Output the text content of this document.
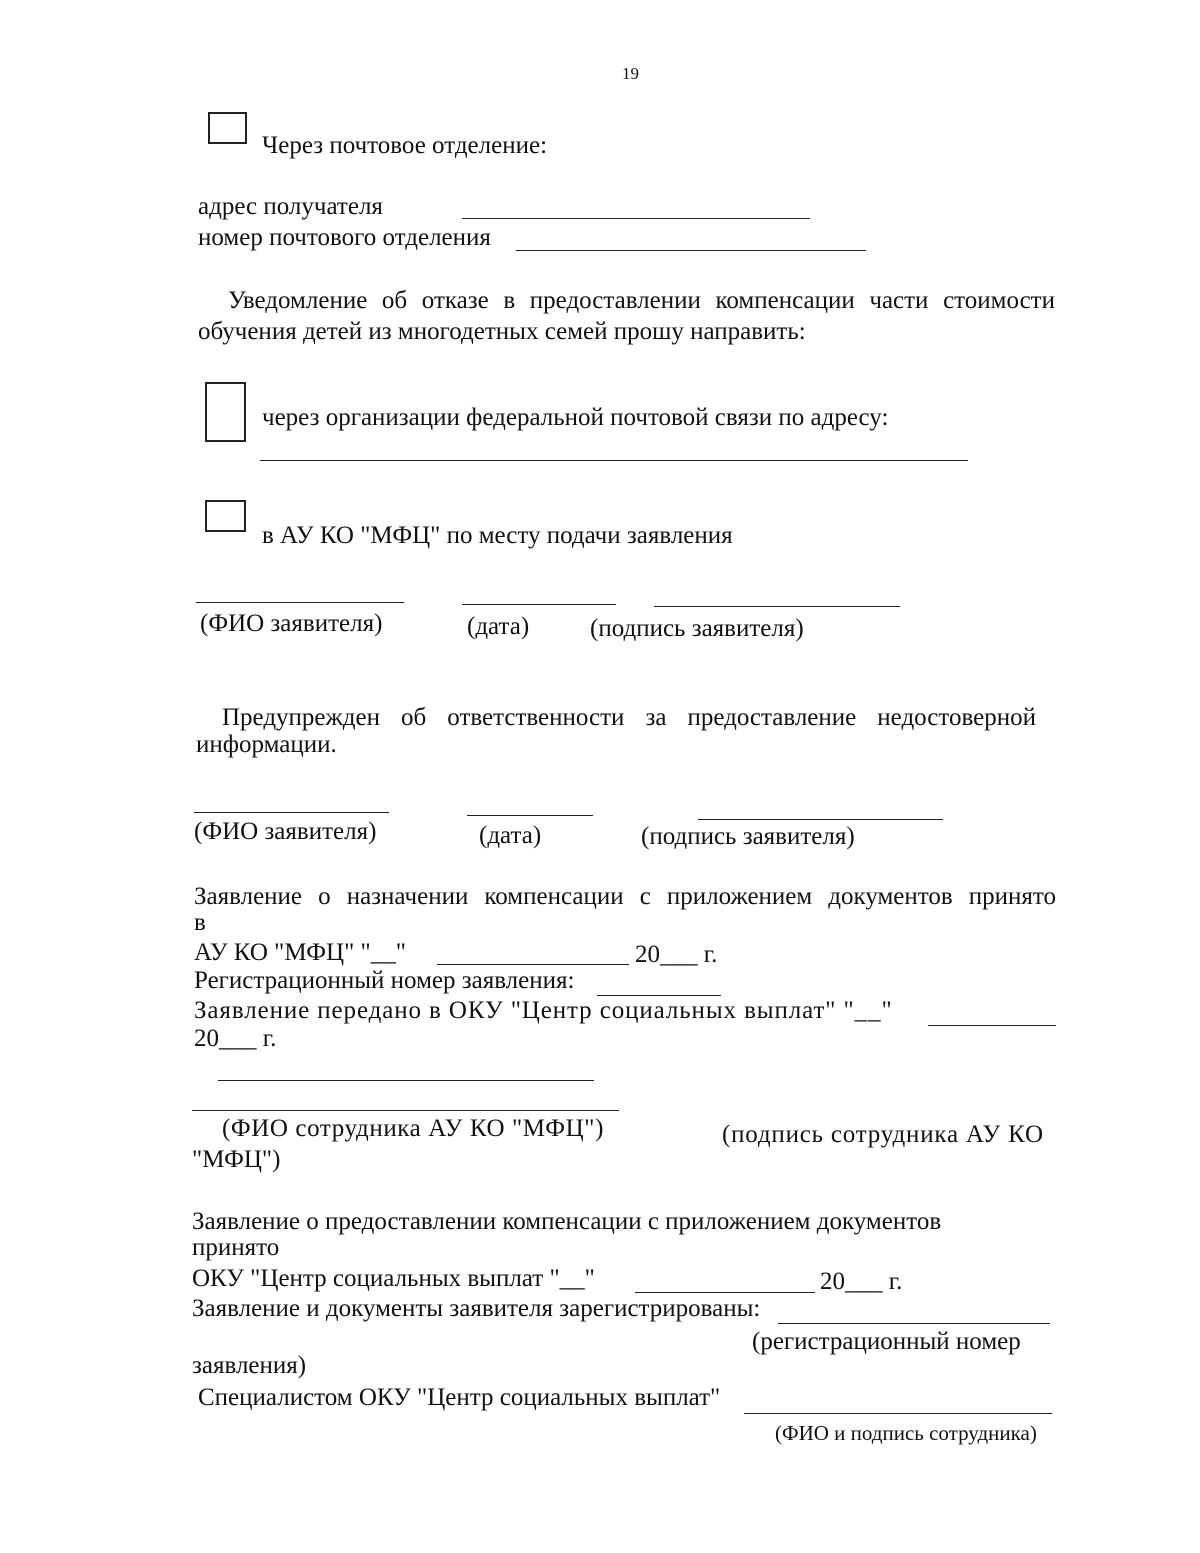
19
Через почтовое отделение:
адрес получателя
номер почтового отделения
Уведомление об отказе в предоставлении компенсации части стоимости
обучения детей из многодетных семей прошу направить:
через организации федеральной почтовой связи по адресу:
в АУ КО "МФЦ" по месту подачи заявления
(ФИО заявителя)	(дата) (подпись заявителя)
Предупрежден об ответственности за предоставление недостоверной
информации.
(ФИО заявителя)	(дата)	(подпись заявителя)
Заявление о назначении компенсации с приложением документов принято
в
АУ КО "МФЦ" "__"	20___ г.
Регистрационный номер заявления:
Заявление передано в ОКУ "Центр социальных выплат" "__"
20___ г.
(ФИО сотрудника АУ КО "МФЦ")	(подпись сотрудника АУ КО
"МФЦ")
Заявление о предоставлении компенсации с приложением документов
принято
ОКУ "Центр социальных выплат "__"	20___ г.
Заявление и документы заявителя зарегистрированы:
(регистрационный номер
заявления)
Специалистом ОКУ "Центр социальных выплат"
(ФИО и подпись сотрудника)
